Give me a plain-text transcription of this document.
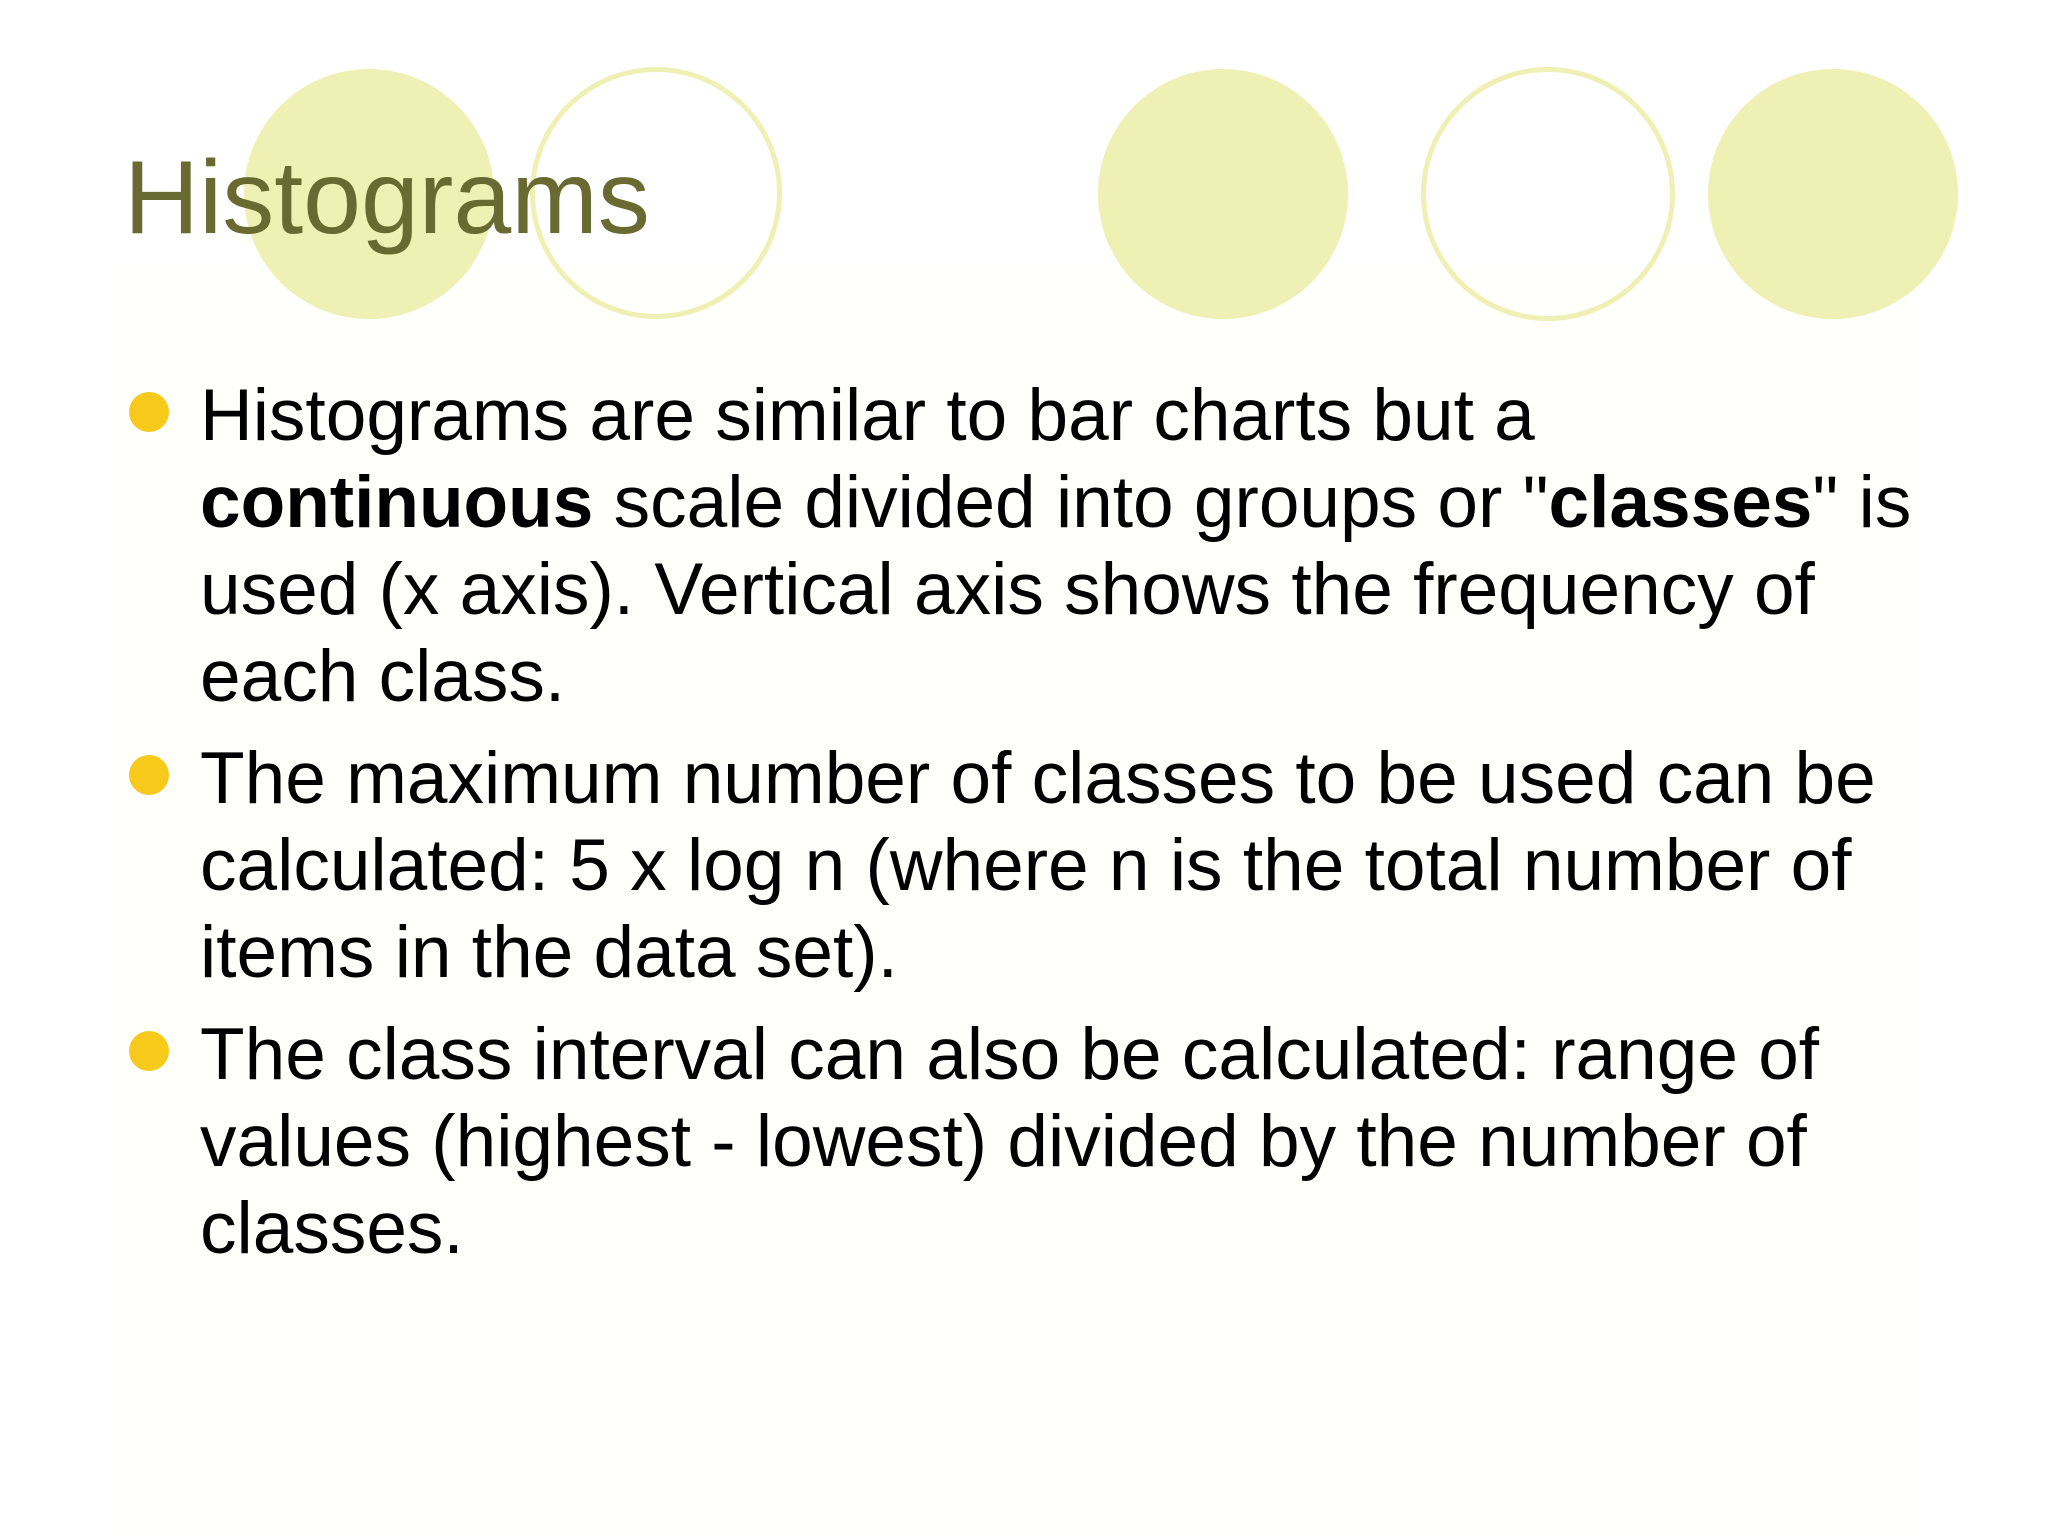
Histograms
Histograms are similar to bar charts but a continuous scale divided into groups or "classes" is used (x axis). Vertical axis shows the frequency of each class.
The maximum number of classes to be used can be calculated: 5 x log n (where n is the total number of items in the data set).
The class interval can also be calculated: range of values (highest - lowest) divided by the number of classes.
